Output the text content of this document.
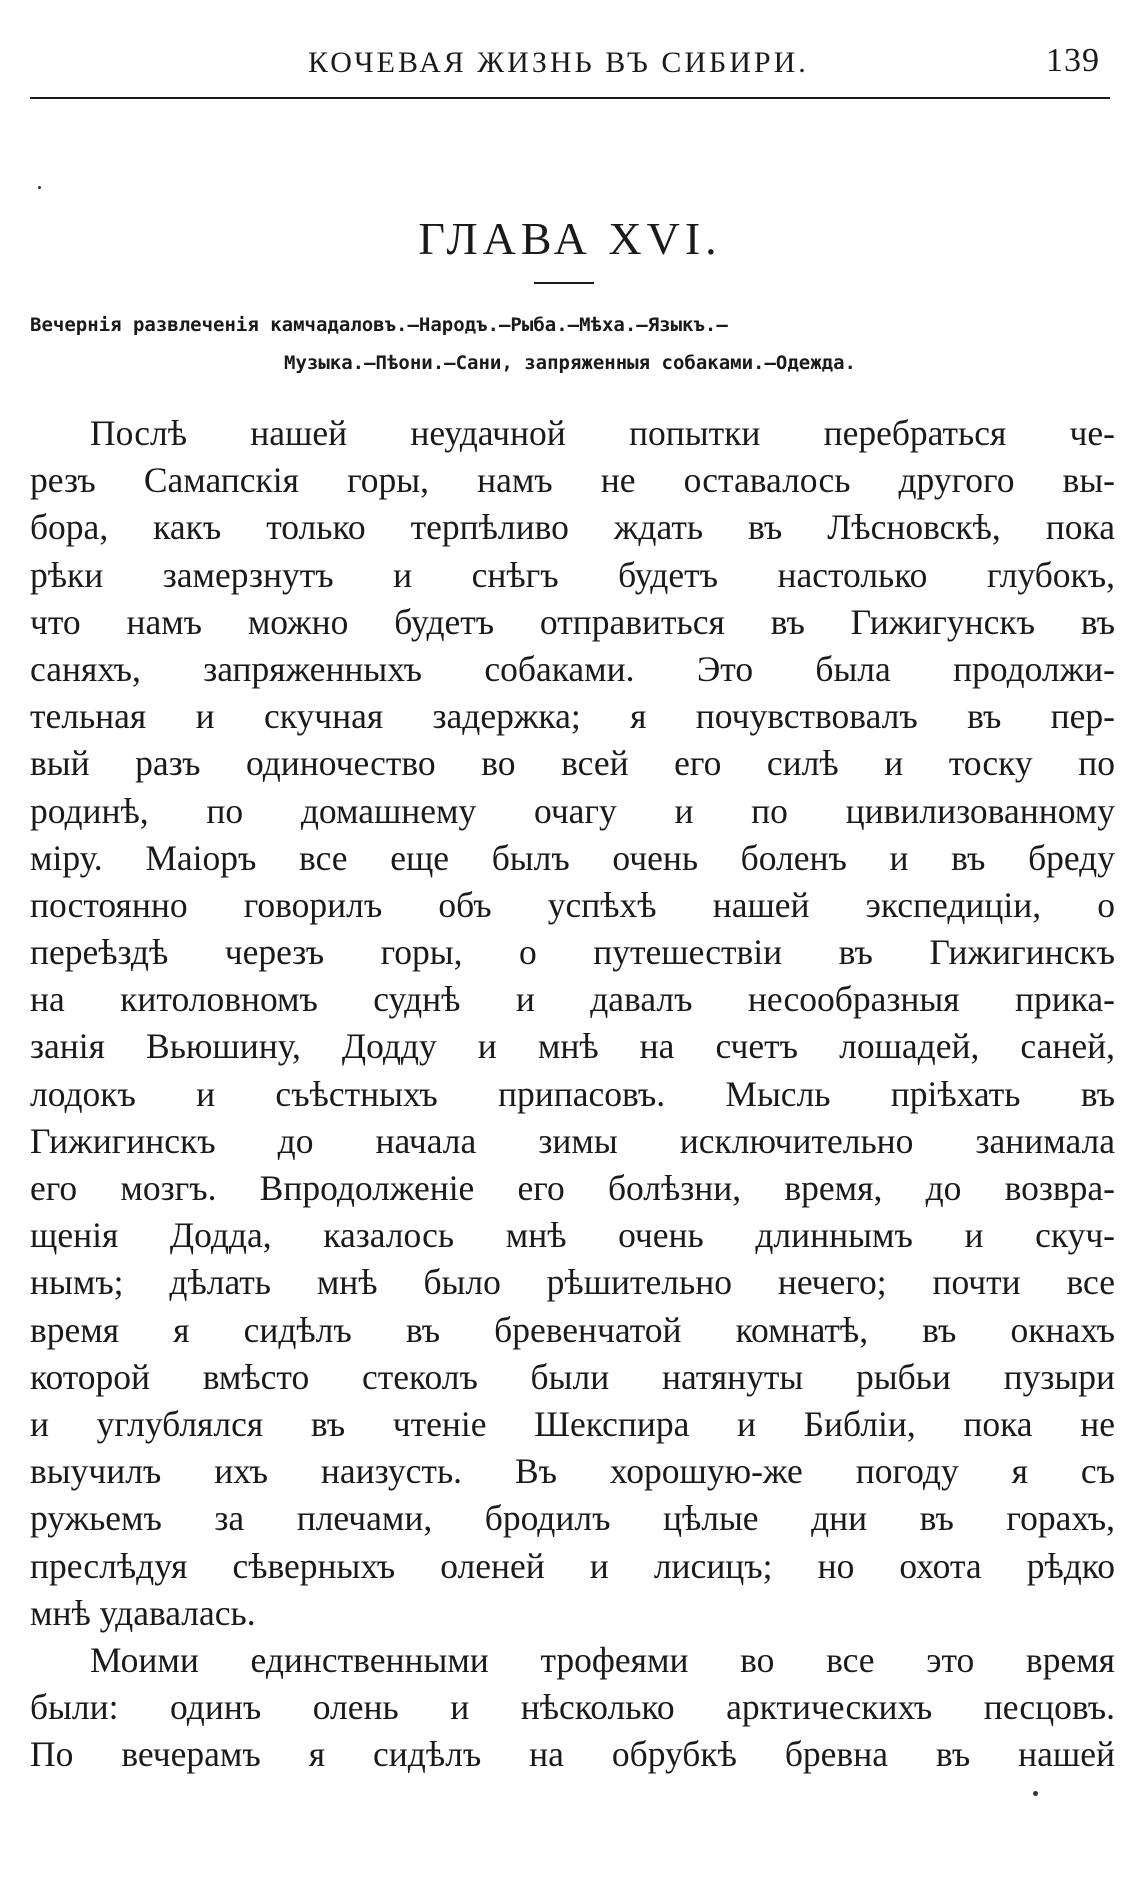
КОЧЕВАЯ ЖИЗНЬ ВЪ СИБИРИ.	139
ГЛАВА XVI.
Вечернія развлеченія камчадаловъ.—Народъ.—Рыба.—Мѣха.—Языкъ.—
Музыка.—Пѣони.—Сани, запряженныя собаками.—Одежда.
Послѣ нашей неудачной попытки перебраться че-
резъ Самапскія горы, намъ не оставалось другого вы-
бора, какъ только терпѣливо ждать въ Лѣсновскѣ, пока
рѣки замерзнутъ и снѣгъ будетъ настолько глубокъ,
что намъ можно будетъ отправиться въ Гижигунскъ въ
саняхъ, запряженныхъ собаками. Это была продолжи-
тельная и скучная задержка; я почувствовалъ въ пер-
вый разъ одиночество во всей его силѣ и тоску по
родинѣ, по домашнему очагу и по цивилизованному
міру. Маіоръ все еще былъ очень боленъ и въ бреду
постоянно говорилъ объ успѣхѣ нашей экспедиціи, о
переѣздѣ черезъ горы, о путешествіи въ Гижигинскъ
на китоловномъ суднѣ и давалъ несообразныя прика-
занія Вьюшину, Додду и мнѣ на счетъ лошадей, саней,
лодокъ и съѣстныхъ припасовъ. Мысль пріѣхать въ
Гижигинскъ до начала зимы исключительно занимала
его мозгъ. Впродолженіе его болѣзни, время, до возвра-
щенія Додда, казалось мнѣ очень длиннымъ и скуч-
нымъ; дѣлать мнѣ было рѣшительно нечего; почти все
время я сидѣлъ въ бревенчатой комнатѣ, въ окнахъ
которой вмѣсто стеколъ были натянуты рыбьи пузыри
и углублялся въ чтеніе Шекспира и Библіи, пока не
выучилъ ихъ наизусть. Въ хорошую-же погоду я съ
ружьемъ за плечами, бродилъ цѣлые дни въ горахъ,
преслѣдуя сѣверныхъ оленей и лисицъ; но охота рѣдко
мнѣ удавалась.
Моими единственными трофеями во все это время
были: одинъ олень и нѣсколько арктическихъ песцовъ.
По вечерамъ я сидѣлъ на обрубкѣ бревна въ нашей
